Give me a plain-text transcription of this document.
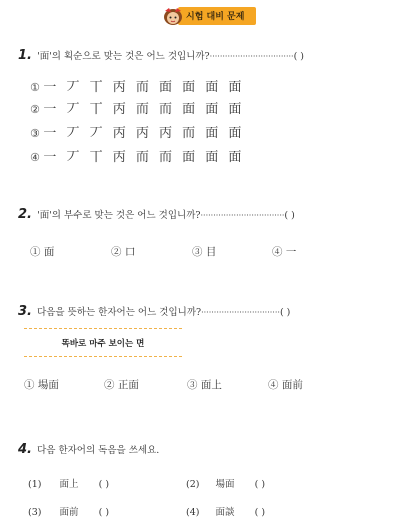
시험 대비 문제
1. '面'의 획순으로 맞는 것은 어느 것입니까?·································( )
① 一 丆 丅 丙 而 面 面 面 面
② 一 丆 丅 丙 而 而 面 面 面
③ 一 丆 丆 丙 丙 丙 而 面 面
④ 一 丆 丅 丙 而 而 面 面 面
2. '面'의 부수로 맞는 것은 어느 것입니까?·································( )
① 面	② 口	③ 目	④ 一
3. 다음을 뜻하는 한자어는 어느 것입니까?·······························( )
똑바로 마주 보이는 면
① 場面	② 正面	③ 面上	④ 面前
4. 다음 한자어의 독음을 쓰세요.
(1) 面上 ( )	(2) 場面 ( )
(3) 面前 ( )	(4) 面談 ( )
